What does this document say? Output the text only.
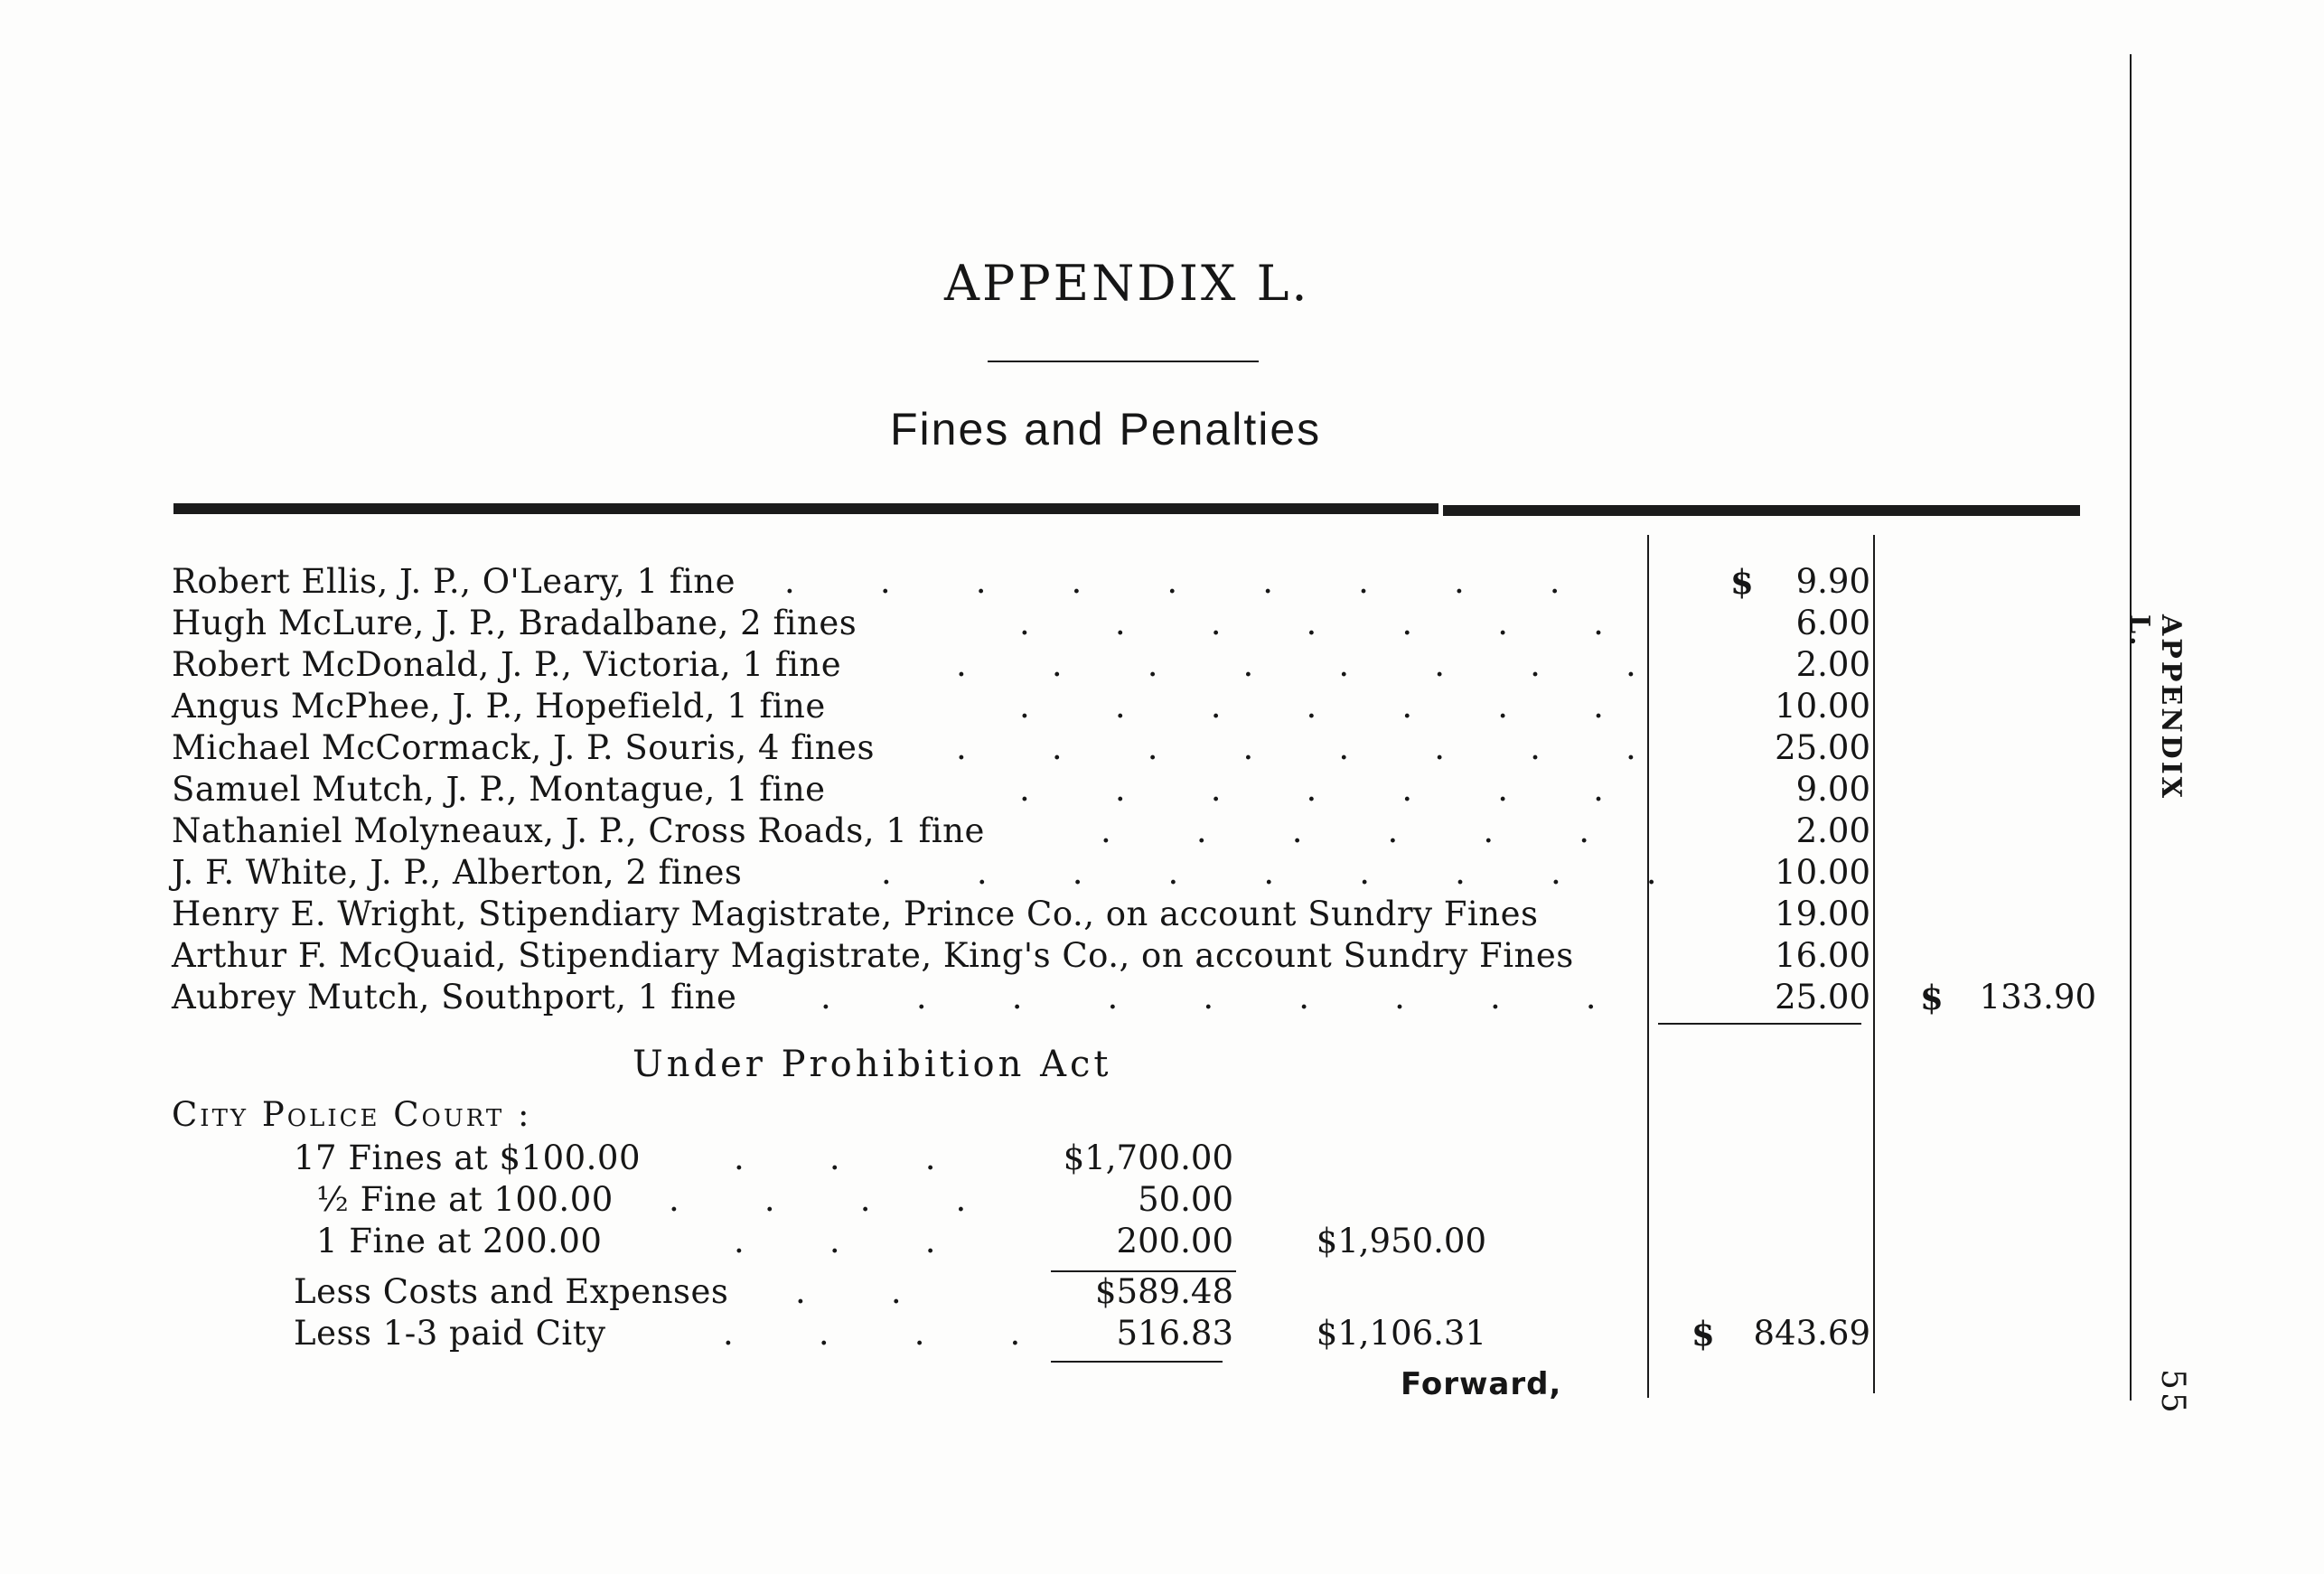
APPENDIX L.
Fines and Penalties
Robert Ellis, J. P., O'Leary, 1 fine .        .        .        .        .        .        .        .        .	$	9.90
Hugh McLure, J. P., Bradalbane, 2 fines	.        .        .        .        .        .        .	6.00
Robert McDonald, J. P., Victoria, 1 fine	.        .        .        .        .        .        .        .	2.00
Angus McPhee, J. P., Hopefield, 1 fine	.        .        .        .        .        .        .	10.00
Michael McCormack, J. P. Souris, 4 fines .        .        .        .        .        .        .        .	25.00
Samuel Mutch, J. P., Montague, 1 fine	.        .        .        .        .        .        .	9.00
Nathaniel Molyneaux, J. P., Cross Roads, 1 fine	.        .        .        .        .        .	2.00
J. F. White, J. P., Alberton, 2 fines	.        .        .        .        .        .        .        .        .	10.00
Henry E. Wright, Stipendiary Magistrate, Prince Co., on account Sundry Fines	19.00
Arthur F. McQuaid, Stipendiary Magistrate, King's Co., on account Sundry Fines	16.00
Aubrey Mutch, Southport, 1 fine	.        .        .        .        .        .        .        .        .	25.00 $	133.90
Under Prohibition Act
City Police Court :
17 Fines at $100.00	.        .        .	$1,700.00
½ Fine at 100.00 .        .        .        .	50.00
1 Fine at 200.00	.        .        .	200.00	$1,950.00
Less Costs and Expenses .        .	$589.48
Less 1-3 paid City	.        .        .        .	516.83	$1,106.31	$	843.69
Forward,
APPENDIX L.
55
